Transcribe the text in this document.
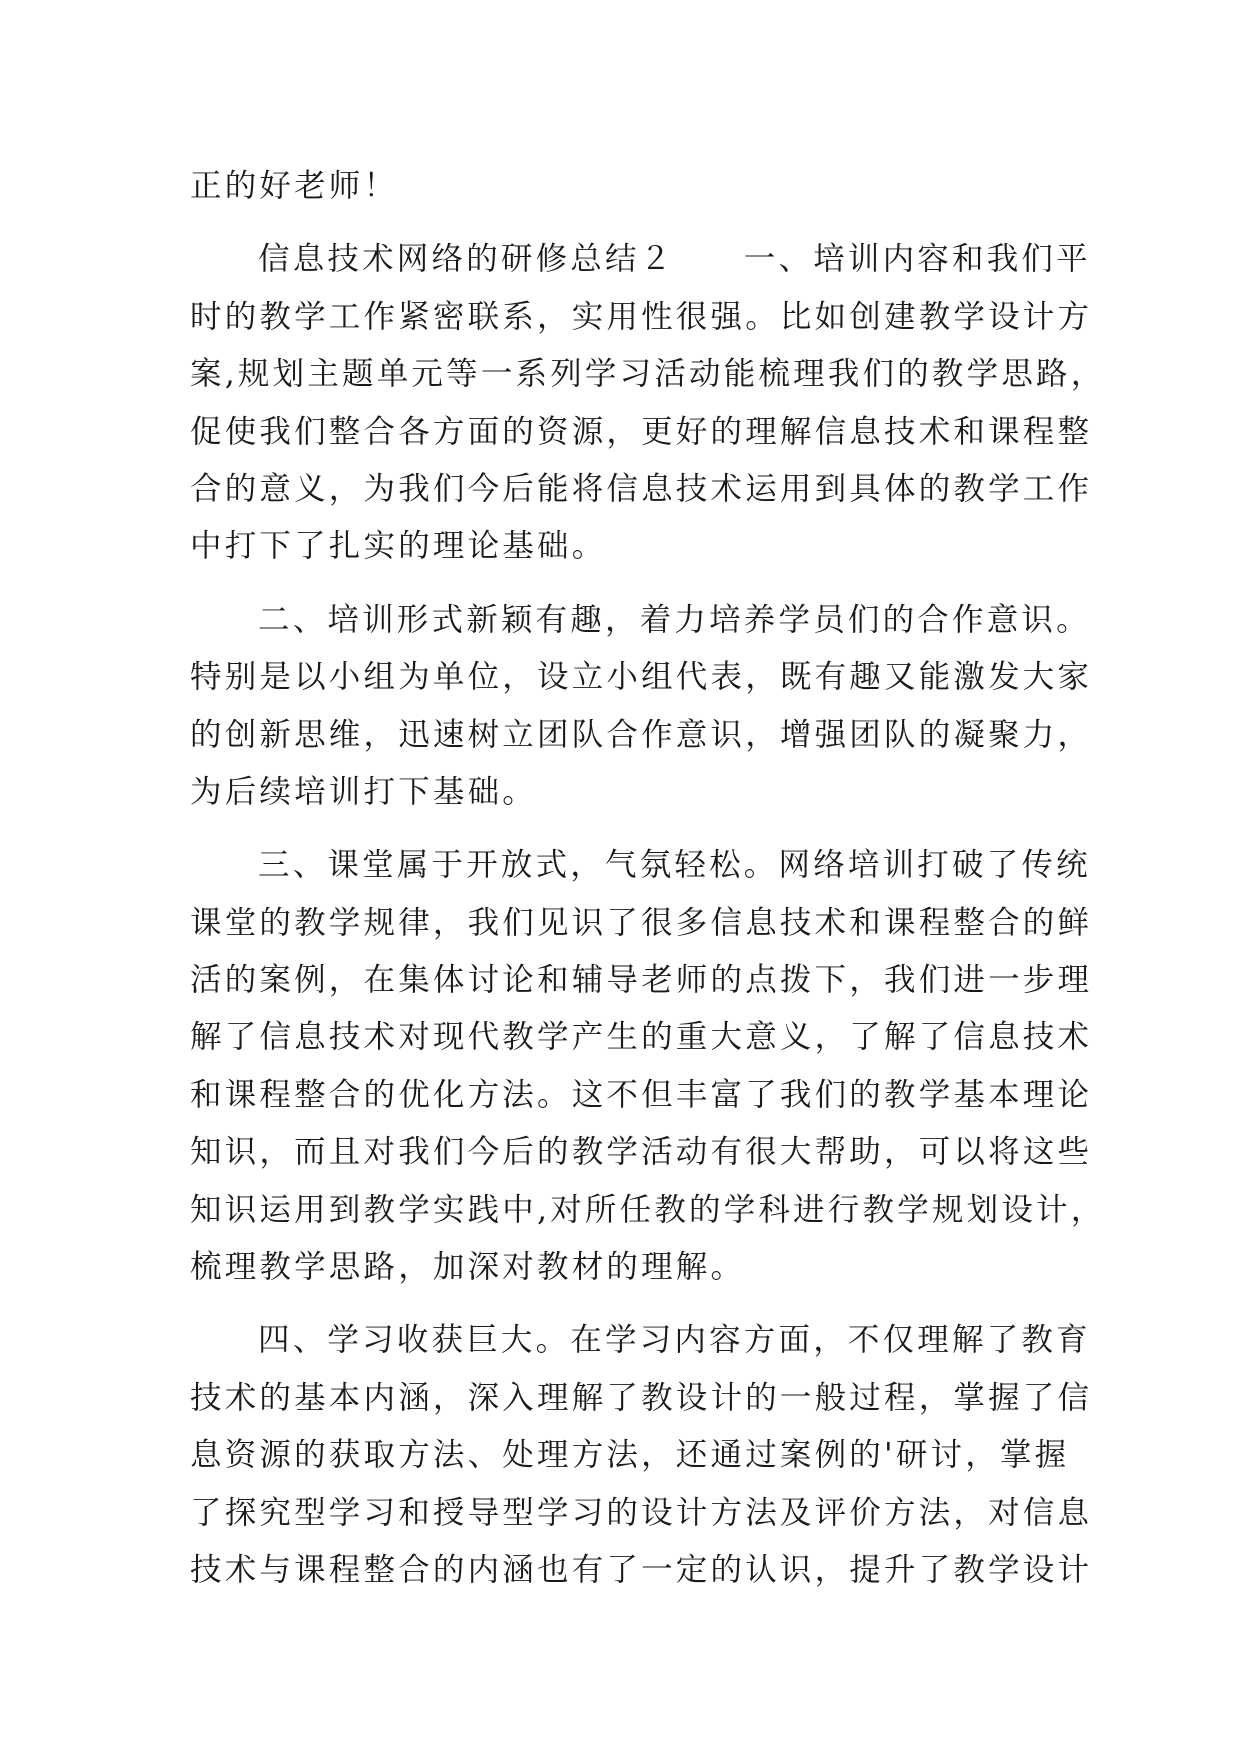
正的好老师！
信息技术网络的研修总结２　　一、培训内容和我们平
时的教学工作紧密联系，实用性很强。比如创建教学设计方
案,规划主题单元等一系列学习活动能梳理我们的教学思路，
促使我们整合各方面的资源，更好的理解信息技术和课程整
合的意义，为我们今后能将信息技术运用到具体的教学工作
中打下了扎实的理论基础。
二、培训形式新颖有趣，着力培养学员们的合作意识。
特别是以小组为单位，设立小组代表，既有趣又能激发大家
的创新思维，迅速树立团队合作意识，增强团队的凝聚力，
为后续培训打下基础。
三、课堂属于开放式，气氛轻松。网络培训打破了传统
课堂的教学规律，我们见识了很多信息技术和课程整合的鲜
活的案例，在集体讨论和辅导老师的点拨下，我们进一步理
解了信息技术对现代教学产生的重大意义，了解了信息技术
和课程整合的优化方法。这不但丰富了我们的教学基本理论
知识，而且对我们今后的教学活动有很大帮助，可以将这些
知识运用到教学实践中,对所任教的学科进行教学规划设计，
梳理教学思路，加深对教材的理解。
四、学习收获巨大。在学习内容方面，不仅理解了教育
技术的基本内涵，深入理解了教设计的一般过程，掌握了信
息资源的获取方法、处理方法，还通过案例的'研讨，掌握
了探究型学习和授导型学习的设计方法及评价方法，对信息
技术与课程整合的内涵也有了一定的认识，提升了教学设计
